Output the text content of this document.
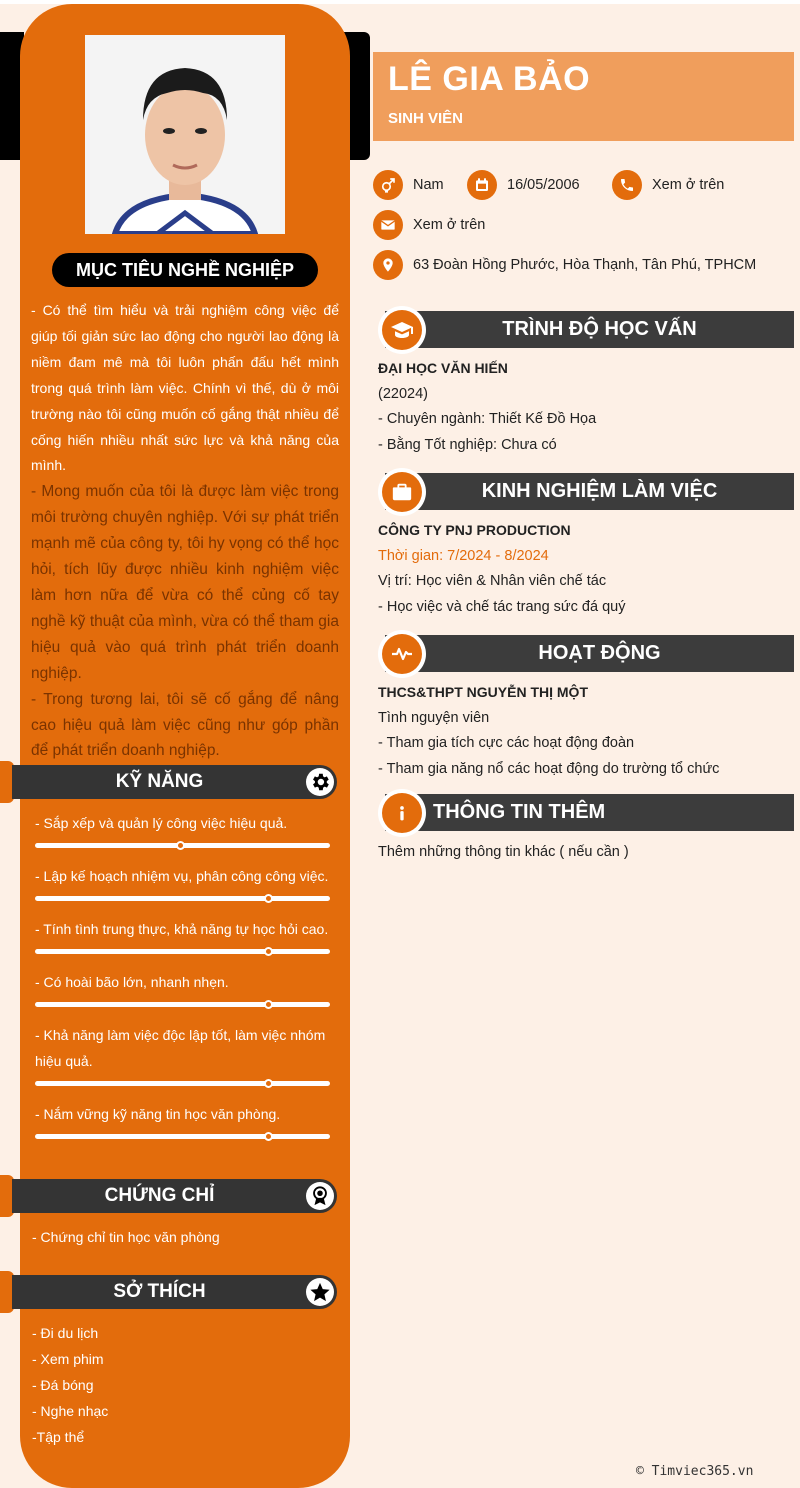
MỤC TIÊU NGHỀ NGHIỆP

- Có thể tìm hiểu và trải nghiệm công việc để giúp tối giản sức lao động cho người lao động là niềm đam mê mà tôi luôn phấn đấu hết mình trong quá trình làm việc. Chính vì thế, dù ở môi trường nào tôi cũng muốn cố gắng thật nhiều để cống hiến nhiều nhất sức lực và khả năng của mình.

- Mong muốn của tôi là được làm việc trong môi trường chuyên nghiệp. Với sự phát triển mạnh mẽ của công ty, tôi hy vọng có thể học hỏi, tích lũy được nhiều kinh nghiệm việc làm hơn nữa để vừa có thể củng cố tay nghề kỹ thuật của mình, vừa có thể tham gia hiệu quả vào quá trình phát triển doanh nghiệp.

- Trong tương lai, tôi sẽ cố gắng để nâng cao hiệu quả làm việc cũng như góp phần để phát triển doanh nghiệp.

KỸ NĂNG
- Sắp xếp và quản lý công việc hiệu quả.
- Lập kế hoạch nhiệm vụ, phân công công việc.
- Tính tình trung thực, khả năng tự học hỏi cao.
- Có hoài bão lớn, nhanh nhẹn.
- Khả năng làm việc độc lập tốt, làm việc nhóm hiệu quả.
- Nắm vững kỹ năng tin học văn phòng.
CHỨNG CHỈ
- Chứng chỉ tin học văn phòng
SỞ THÍCH
- Đi du lịch
- Xem phim
- Đá bóng
- Nghe nhạc
-Tập thể
LÊ GIA BẢO
SINH VIÊN
Nam	16/05/2006	Xem ở trên
Xem ở trên
63 Đoàn Hồng Phước, Hòa Thạnh, Tân Phú, TPHCM
TRÌNH ĐỘ HỌC VẤN
ĐẠI HỌC VĂN HIẾN
(22024)
- Chuyên ngành: Thiết Kế Đồ Họa
- Bằng Tốt nghiệp: Chưa có
KINH NGHIỆM LÀM VIỆC
CÔNG TY PNJ PRODUCTION
Thời gian: 7/2024 - 8/2024
Vị trí: Học viên & Nhân viên chế tác
- Học việc và chế tác trang sức đá quý
HOẠT ĐỘNG
THCS&THPT NGUYỄN THỊ MỘT
Tình nguyện viên
- Tham gia tích cực các hoạt động đoàn
- Tham gia năng nổ các hoạt động do trường tổ chức
THÔNG TIN THÊM
Thêm những thông tin khác ( nếu cần )
© Timviec365.vn
